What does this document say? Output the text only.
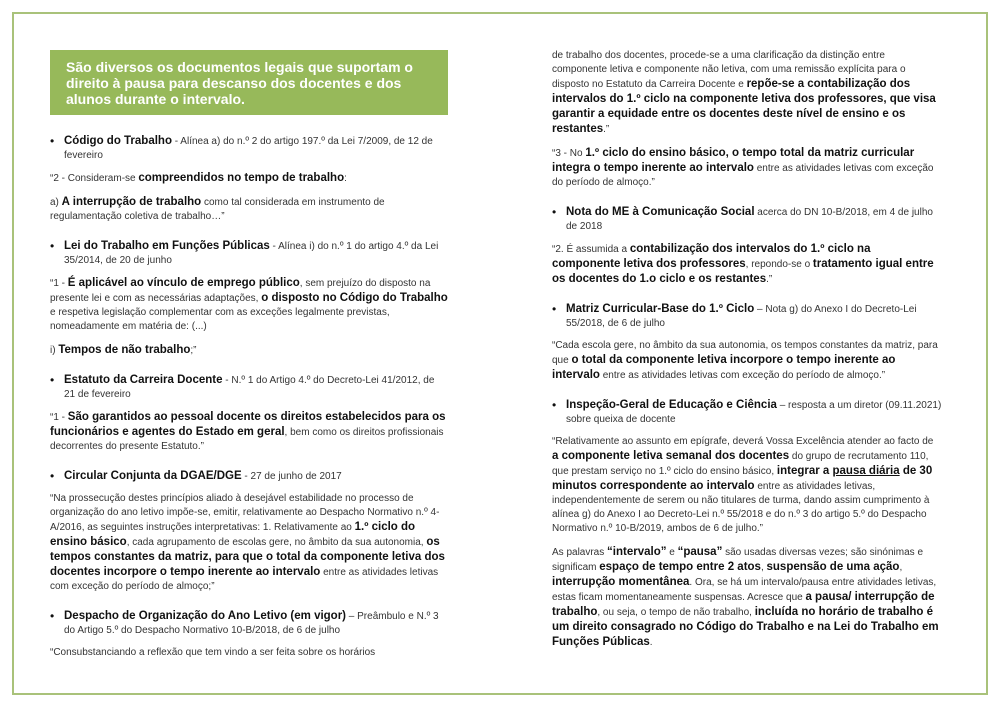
São diversos os documentos legais que suportam o direito à pausa para descanso dos docentes e dos alunos durante o intervalo.
• Código do Trabalho - Alínea a) do n.º 2 do artigo 197.º da Lei 7/2009, de 12 de fevereiro
“2 - Consideram-se compreendidos no tempo de trabalho:
a) A interrupção de trabalho como tal considerada em instrumento de regulamentação coletiva de trabalho…”
• Lei do Trabalho em Funções Públicas - Alínea i) do n.º 1 do artigo 4.º da Lei 35/2014, de 20 de junho
“1 - É aplicável ao vínculo de emprego público, sem prejuízo do disposto na presente lei e com as necessárias adaptações, o disposto no Código do Trabalho e respetiva legislação complementar com as exceções legalmente previstas, nomeadamente em matéria de: (...)
i) Tempos de não trabalho;”
• Estatuto da Carreira Docente - N.º 1 do Artigo 4.º do Decreto-Lei 41/2012, de 21 de fevereiro
“1 - São garantidos ao pessoal docente os direitos estabelecidos para os funcionários e agentes do Estado em geral, bem como os direitos profissionais decorrentes do presente Estatuto.”
• Circular Conjunta da DGAE/DGE - 27 de junho de 2017
“Na prossecução destes princípios aliado à desejável estabilidade no processo de organização do ano letivo impõe-se, emitir, relativamente ao Despacho Normativo n.º 4-A/2016, as seguintes instruções interpretativas: 1. Relativamente ao 1.º ciclo do ensino básico, cada agrupamento de escolas gere, no âmbito da sua autonomia, os tempos constantes da matriz, para que o total da componente letiva dos docentes incorpore o tempo inerente ao intervalo entre as atividades letivas com exceção do período de almoço;”
• Despacho de Organização do Ano Letivo (em vigor) – Preâmbulo e N.º 3 do Artigo 5.º do Despacho Normativo 10-B/2018, de 6 de julho
“Consubstanciando a reflexão que tem vindo a ser feita sobre os horários
de trabalho dos docentes, procede-se a uma clarificação da distinção entre componente letiva e componente não letiva, com uma remissão explícita para o disposto no Estatuto da Carreira Docente e repõe-se a contabilização dos intervalos do 1.º ciclo na componente letiva dos professores, que visa garantir a equidade entre os docentes deste nível de ensino e os restantes.”
“3 - No 1.º ciclo do ensino básico, o tempo total da matriz curricular integra o tempo inerente ao intervalo entre as atividades letivas com exceção do período de almoço.”
• Nota do ME à Comunicação Social acerca do DN 10-B/2018, em 4 de julho de 2018
“2. É assumida a contabilização dos intervalos do 1.º ciclo na componente letiva dos professores, repondo-se o tratamento igual entre os docentes do 1.o ciclo e os restantes.”
• Matriz Curricular-Base do 1.º Ciclo – Nota g) do Anexo I do Decreto-Lei 55/2018, de 6 de julho
“Cada escola gere, no âmbito da sua autonomia, os tempos constantes da matriz, para que o total da componente letiva incorpore o tempo inerente ao intervalo entre as atividades letivas com exceção do período de almoço.”
• Inspeção-Geral de Educação e Ciência – resposta a um diretor (09.11.2021) sobre queixa de docente
“Relativamente ao assunto em epígrafe, deverá Vossa Excelência atender ao facto de a componente letiva semanal dos docentes do grupo de recrutamento 110, que prestam serviço no 1.º ciclo do ensino básico, integrar a pausa diária de 30 minutos correspondente ao intervalo entre as atividades letivas, independentemente de serem ou não titulares de turma, dando assim cumprimento à alínea g) do Anexo I ao Decreto-Lei n.º 55/2018 e do n.º 3 do artigo 5.º do Despacho Normativo n.º 10-B/2019, ambos de 6 de julho.”
As palavras “intervalo” e “pausa” são usadas diversas vezes; são sinónimas e significam espaço de tempo entre 2 atos, suspensão de uma ação, interrupção momentânea. Ora, se há um intervalo/pausa entre atividades letivas, estas ficam momentaneamente suspensas. Acresce que a pausa/ interrupção de trabalho, ou seja, o tempo de não trabalho, incluída no horário de trabalho é um direito consagrado no Código do Trabalho e na Lei do Trabalho em Funções Públicas.
